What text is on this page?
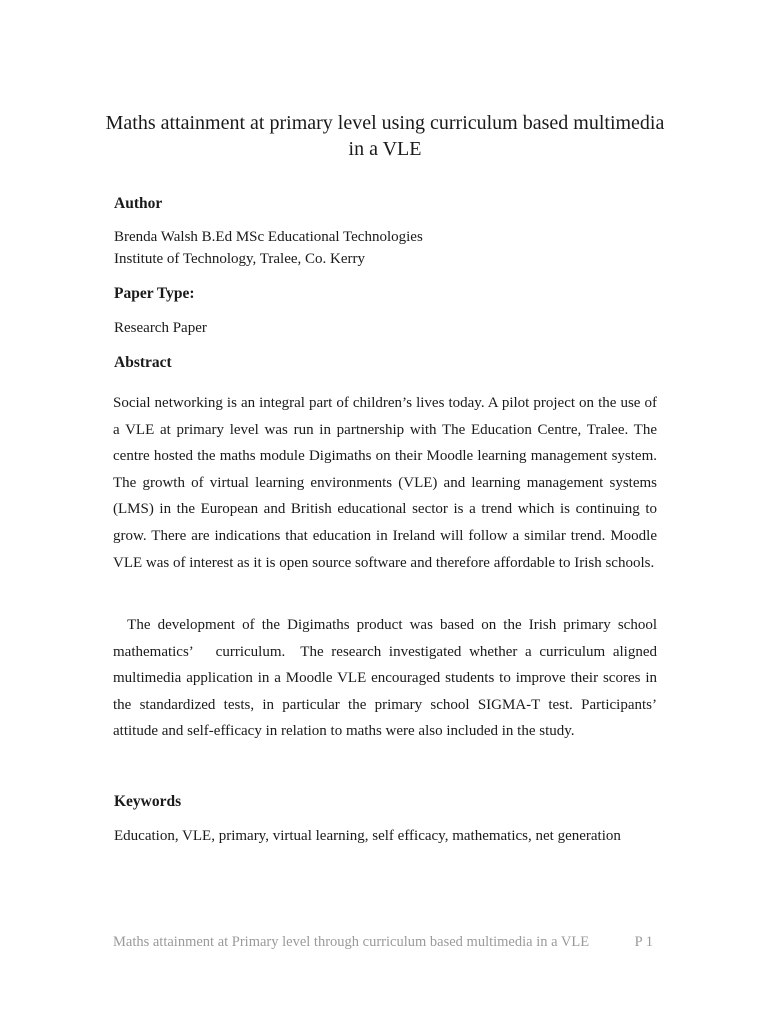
Maths attainment at primary level using curriculum based multimedia in a VLE
Author
Brenda Walsh B.Ed MSc Educational Technologies
Institute of Technology, Tralee, Co. Kerry
Paper Type:
Research Paper
Abstract
Social networking is an integral part of children’s lives today. A pilot project on the use of a VLE at primary level was run in partnership with The Education Centre, Tralee. The centre hosted the maths module Digimaths on their Moodle learning management system. The growth of virtual learning environments (VLE) and learning management systems (LMS) in the European and British educational sector is a trend which is continuing to grow. There are indications that education in Ireland will follow a similar trend. Moodle VLE was of interest as it is open source software and therefore affordable to Irish schools.
The development of the Digimaths product was based on the Irish primary school mathematics’   curriculum.  The research investigated whether a curriculum aligned multimedia application in a Moodle VLE encouraged students to improve their scores in the standardized tests, in particular the primary school SIGMA-T test. Participants’ attitude and self-efficacy in relation to maths were also included in the study.
Keywords
Education, VLE, primary, virtual learning, self efficacy, mathematics, net generation
Maths attainment at Primary level through curriculum based multimedia in a VLE	P 1
